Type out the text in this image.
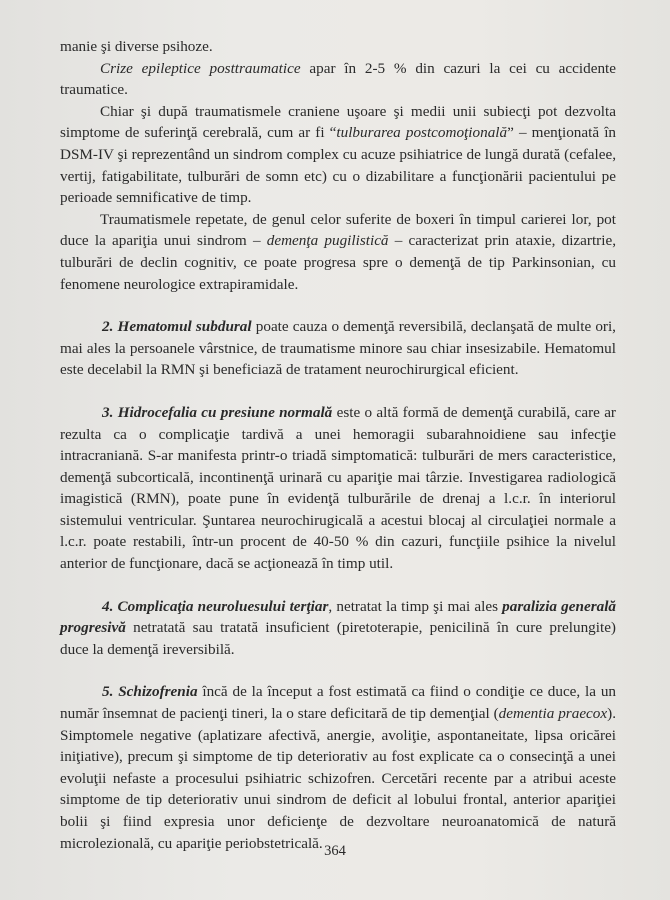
manie şi diverse psihoze.

Crize epileptice posttraumatice apar în 2-5 % din cazuri la cei cu accidente traumatice.

Chiar şi după traumatismele craniene uşoare şi medii unii subiecţi pot dezvolta simptome de suferinţă cerebrală, cum ar fi “tulburarea postcomoţională” – menţionată în DSM-IV şi reprezentând un sindrom complex cu acuze psihiatrice de lungă durată (cefalee, vertij, fatigabilitate, tulburări de somn etc) cu o dizabilitare a funcţionării pacientului pe perioade semnificative de timp.

Traumatismele repetate, de genul celor suferite de boxeri în timpul carierei lor, pot duce la apariţia unui sindrom – demenţa pugilistică – caracterizat prin ataxie, dizartrie, tulburări de declin cognitiv, ce poate progresa spre o demenţă de tip Parkinsonian, cu fenomene neurologice extrapiramidale.

2. Hematomul subdural poate cauza o demenţă reversibilă, declanşată de multe ori, mai ales la persoanele vârstnice, de traumatisme minore sau chiar insesizabile. Hematomul este decelabil la RMN şi beneficiază de tratament neurochirurgical eficient.

3. Hidrocefalia cu presiune normală este o altă formă de demenţă curabilă, care ar rezulta ca o complicaţie tardivă a unei hemoragii subarahnoidiene sau infecţie intracraniană. S-ar manifesta printr-o triadă simptomatică: tulburări de mers caracteristice, demenţă subcorticală, incontinenţă urinară cu apariţie mai târzie. Investigarea radiologică imagistică (RMN), poate pune în evidenţă tulburările de drenaj a l.c.r. în interiorul sistemului ventricular. Şuntarea neurochirugicală a acestui blocaj al circulaţiei normale a l.c.r. poate restabili, într-un procent de 40-50 % din cazuri, funcţiile psihice la nivelul anterior de funcţionare, dacă se acţionează în timp util.

4. Complicaţia neuroluesului terţiar, netratat la timp şi mai ales paralizia generală progresivă netratată sau tratată insuficient (piretoterapie, penicilină în cure prelungite) duce la demenţă ireversibilă.

5. Schizofrenia încă de la început a fost estimată ca fiind o condiţie ce duce, la un număr însemnat de pacienţi tineri, la o stare deficitară de tip demenţial (dementia praecox). Simptomele negative (aplatizare afectivă, anergie, avoliţie, aspontaneitate, lipsa oricărei iniţiative), precum şi simptome de tip deteriorativ au fost explicate ca o consecinţă a unei evoluţii nefaste a procesului psihiatric schizofren. Cercetări recente par a atribui aceste simptome de tip deteriorativ unui sindrom de deficit al lobului frontal, anterior apariţiei bolii şi fiind expresia unor deficienţe de dezvoltare neuroanatomică de natură microlezională, cu apariţie periobstetricală. 364
